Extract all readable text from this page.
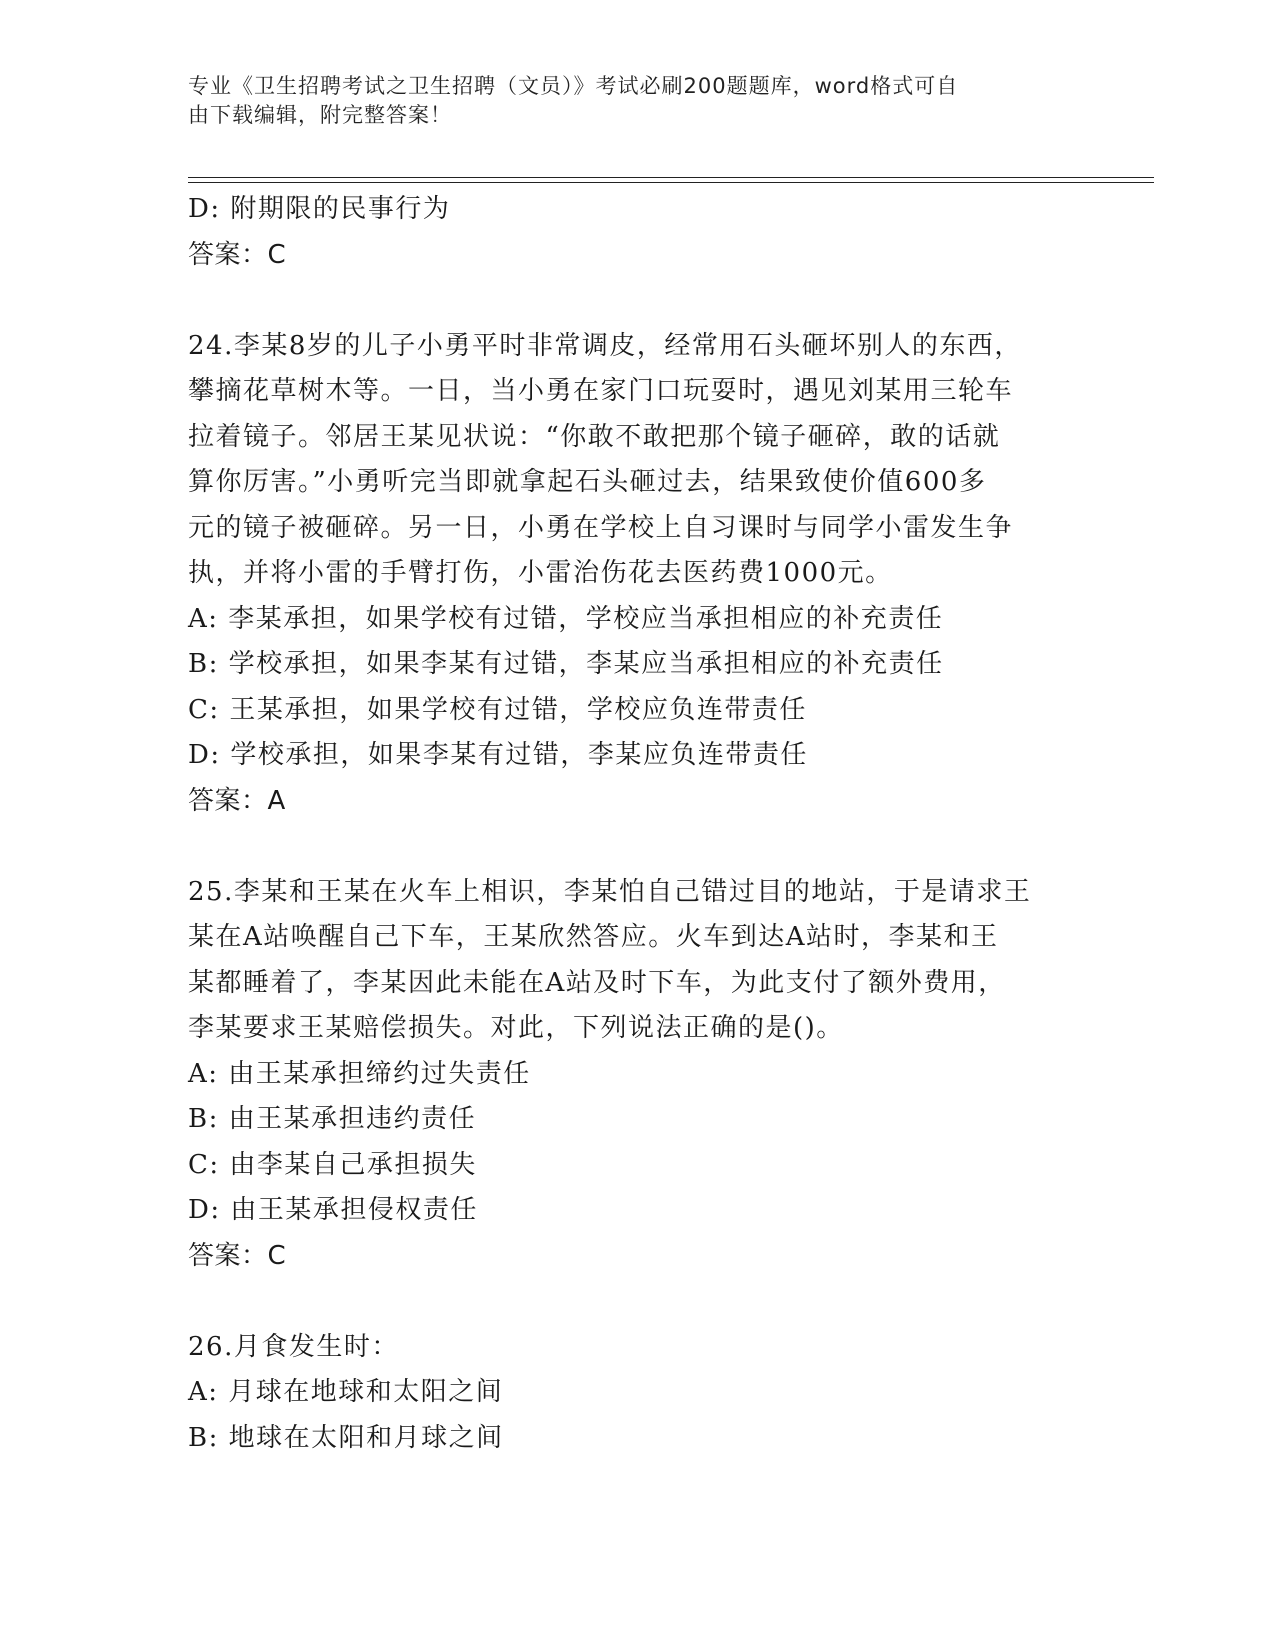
专业《卫生招聘考试之卫生招聘（文员）》考试必刷200题题库，word格式可自
由下载编辑，附完整答案！
D: 附期限的民事行为
答案：C
24.李某8岁的儿子小勇平时非常调皮，经常用石头砸坏别人的东西，
攀摘花草树木等。一日，当小勇在家门口玩耍时，遇见刘某用三轮车
拉着镜子。邻居王某见状说：“你敢不敢把那个镜子砸碎，敢的话就
算你厉害。”小勇听完当即就拿起石头砸过去，结果致使价值600多
元的镜子被砸碎。另一日，小勇在学校上自习课时与同学小雷发生争
执，并将小雷的手臂打伤，小雷治伤花去医药费1000元。
A: 李某承担，如果学校有过错，学校应当承担相应的补充责任
B: 学校承担，如果李某有过错，李某应当承担相应的补充责任
C: 王某承担，如果学校有过错，学校应负连带责任
D: 学校承担，如果李某有过错，李某应负连带责任
答案：A
25.李某和王某在火车上相识，李某怕自己错过目的地站，于是请求王
某在A站唤醒自己下车，王某欣然答应。火车到达A站时，李某和王
某都睡着了，李某因此未能在A站及时下车，为此支付了额外费用，
李某要求王某赔偿损失。对此，下列说法正确的是()。
A: 由王某承担缔约过失责任
B: 由王某承担违约责任
C: 由李某自己承担损失
D: 由王某承担侵权责任
答案：C
26.月食发生时：
A: 月球在地球和太阳之间
B: 地球在太阳和月球之间
